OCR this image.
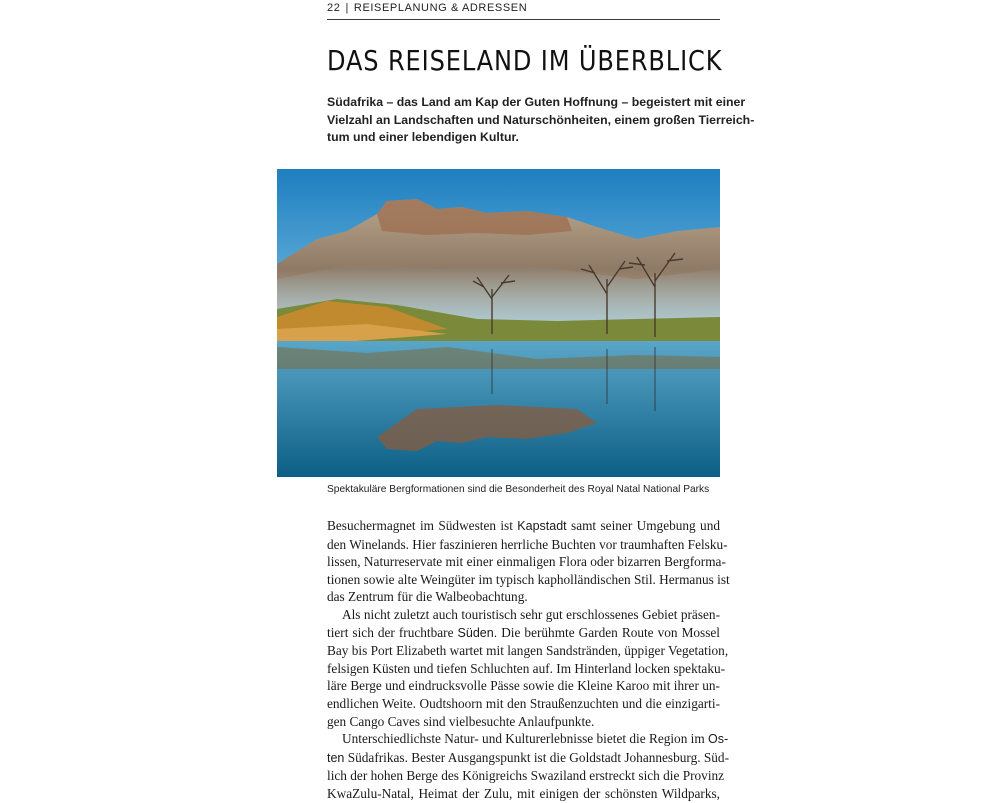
22 | REISEPLANUNG & ADRESSEN
DAS REISELAND IM ÜBERBLICK

Südafrika – das Land am Kap der Guten Hoffnung – begeistert mit einer
Vielzahl an Landschaften und Naturschönheiten, einem großen Tierreich-
tum und einer lebendigen Kultur.

Spektakuläre Bergformationen sind die Besonderheit des Royal Natal National Parks

Besuchermagnet im Südwesten ist Kapstadt samt seiner Umgebung und
den Winelands. Hier faszinieren herrliche Buchten vor traumhaften Felsku-
lissen, Naturreservate mit einer einmaligen Flora oder bizarren Bergforma-
tionen sowie alte Weingüter im typisch kapholländischen Stil. Hermanus ist
das Zentrum für die Walbeobachtung.
Als nicht zuletzt auch touristisch sehr gut erschlossenes Gebiet präsen-
tiert sich der fruchtbare Süden. Die berühmte Garden Route von Mossel
Bay bis Port Elizabeth wartet mit langen Sandstränden, üppiger Vegetation,
felsigen Küsten und tiefen Schluchten auf. Im Hinterland locken spektaku-
läre Berge und eindrucksvolle Pässe sowie die Kleine Karoo mit ihrer un-
endlichen Weite. Oudtshoorn mit den Straußenzuchten und die einzigarti-
gen Cango Caves sind vielbesuchte Anlaufpunkte.
Unterschiedlichste Natur- und Kulturerlebnisse bietet die Region im Os-
ten Südafrikas. Bester Ausgangspunkt ist die Goldstadt Johannesburg. Süd-
lich der hohen Berge des Königreichs Swaziland erstreckt sich die Provinz
KwaZulu-Natal, Heimat der Zulu, mit einigen der schönsten Wildparks,
